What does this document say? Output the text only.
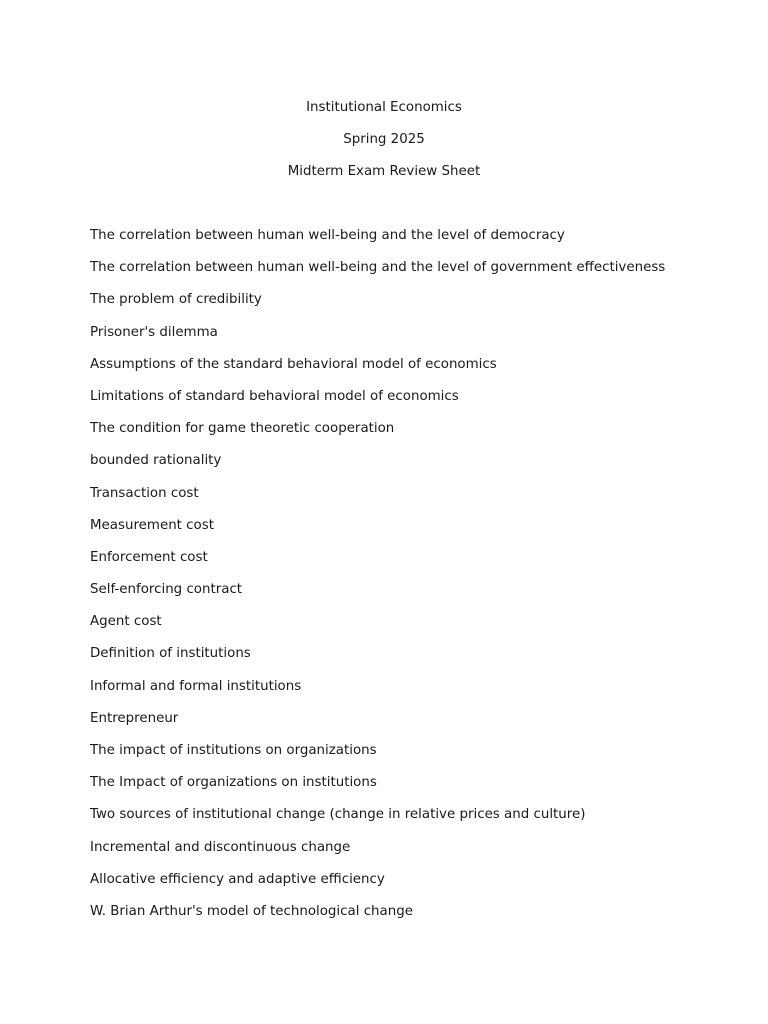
Institutional Economics
Spring 2025
Midterm Exam Review Sheet
The correlation between human well-being and the level of democracy
The correlation between human well-being and the level of government effectiveness
The problem of credibility
Prisoner's dilemma
Assumptions of the standard behavioral model of economics
Limitations of standard behavioral model of economics
The condition for game theoretic cooperation
bounded rationality
Transaction cost
Measurement cost
Enforcement cost
Self-enforcing contract
Agent cost
Definition of institutions
Informal and formal institutions
Entrepreneur
The impact of institutions on organizations
The Impact of organizations on institutions
Two sources of institutional change (change in relative prices and culture)
Incremental and discontinuous change
Allocative efficiency and adaptive efficiency
W. Brian Arthur's model of technological change
